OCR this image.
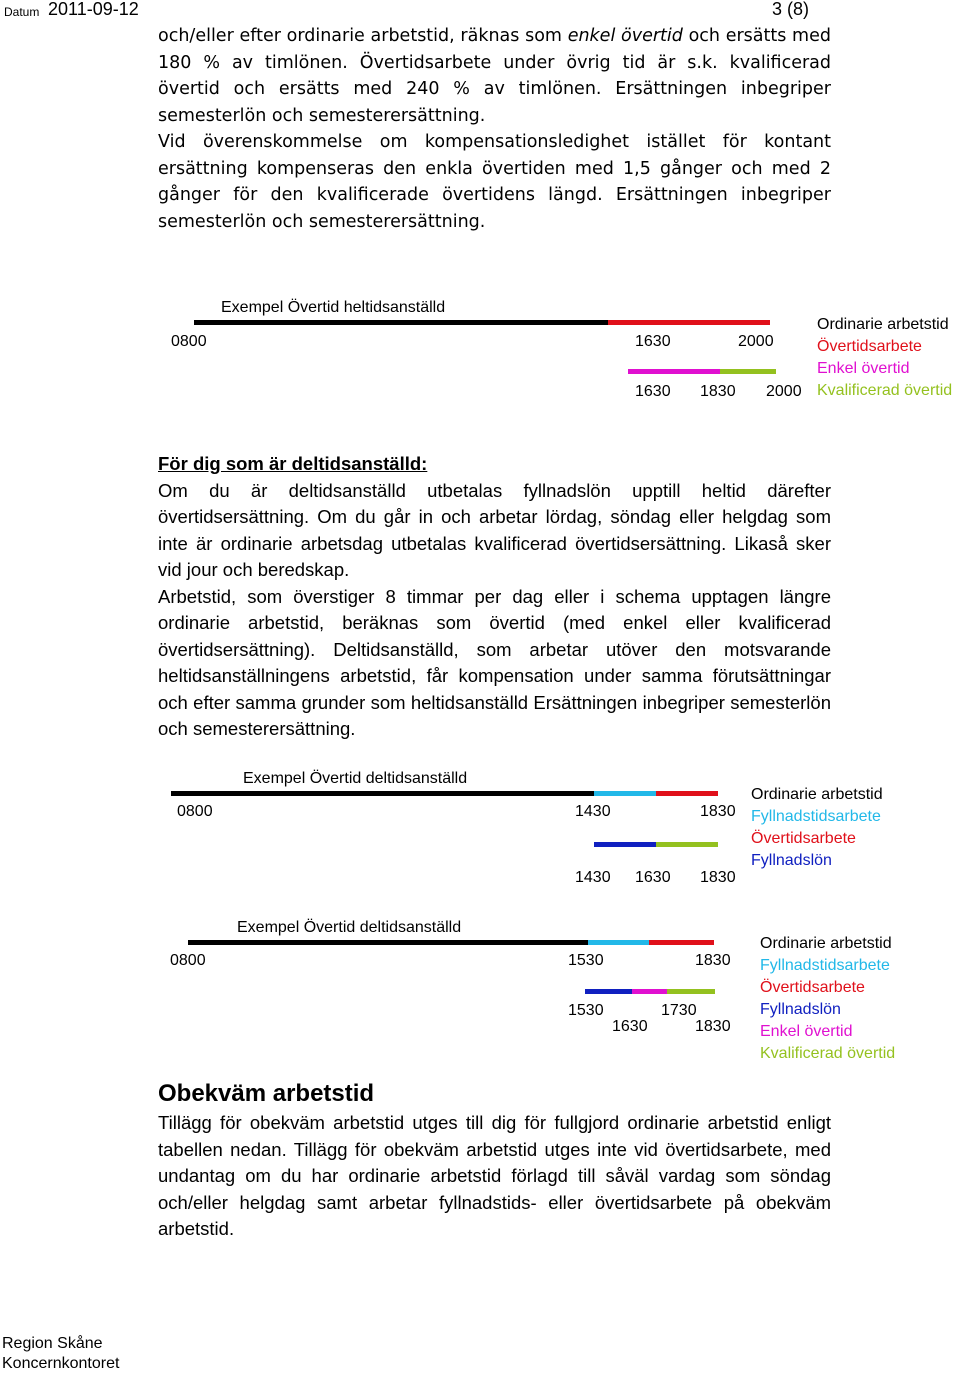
Datum 2011-09-12	3 (8)

och/eller efter ordinarie arbetstid, räknas som enkel övertid och ersätts med 180 % av timlönen. Övertidsarbete under övrig tid är s.k. kvalificerad övertid och ersätts med 240 % av timlönen. Ersättningen inbegriper semesterlön och semesterersättning.

Vid överenskommelse om kompensationsledighet istället för kontant ersättning kompenseras den enkla övertiden med 1,5 gånger och med 2 gånger för den kvalificerade övertidens längd. Ersättningen inbegriper semesterlön och semesterersättning.

Exempel Övertid heltidsanställd
0800	1630	2000
1630 1830 2000
Ordinarie arbetstid
Övertidsarbete
Enkel övertid
Kvalificerad övertid

För dig som är deltidsanställd:

Om du är deltidsanställd utbetalas fyllnadslön upptill heltid därefter övertidsersättning. Om du går in och arbetar lördag, söndag eller helgdag som inte är ordinarie arbetsdag utbetalas kvalificerad övertidsersättning. Likaså sker vid jour och beredskap.

Arbetstid, som överstiger 8 timmar per dag eller i schema upptagen längre ordinarie arbetstid, beräknas som övertid (med enkel eller kvalificerad övertidsersättning). Deltidsanställd, som arbetar utöver den motsvarande heltidsanställningens arbetstid, får kompensation under samma förutsättningar och efter samma grunder som heltidsanställd Ersättningen inbegriper semesterlön och semesterersättning.

Exempel Övertid deltidsanställd
0800	1430	1830
1430 1630 1830
Ordinarie arbetstid
Fyllnadstidsarbete
Övertidsarbete
Fyllnadslön
Exempel Övertid deltidsanställd
0800	1530	1830
1530	1730
1630	1830
Ordinarie arbetstid
Fyllnadstidsarbete
Övertidsarbete
Fyllnadslön
Enkel övertid
Kvalificerad övertid

Obekväm arbetstid

Tillägg för obekväm arbetstid utges till dig för fullgjord ordinarie arbetstid enligt tabellen nedan. Tillägg för obekväm arbetstid utges inte vid övertidsarbete, med undantag om du har ordinarie arbetstid förlagd till såväl vardag som söndag och/eller helgdag samt arbetar fyllnadstids- eller övertidsarbete på obekväm arbetstid.

Region Skåne
Koncernkontoret
